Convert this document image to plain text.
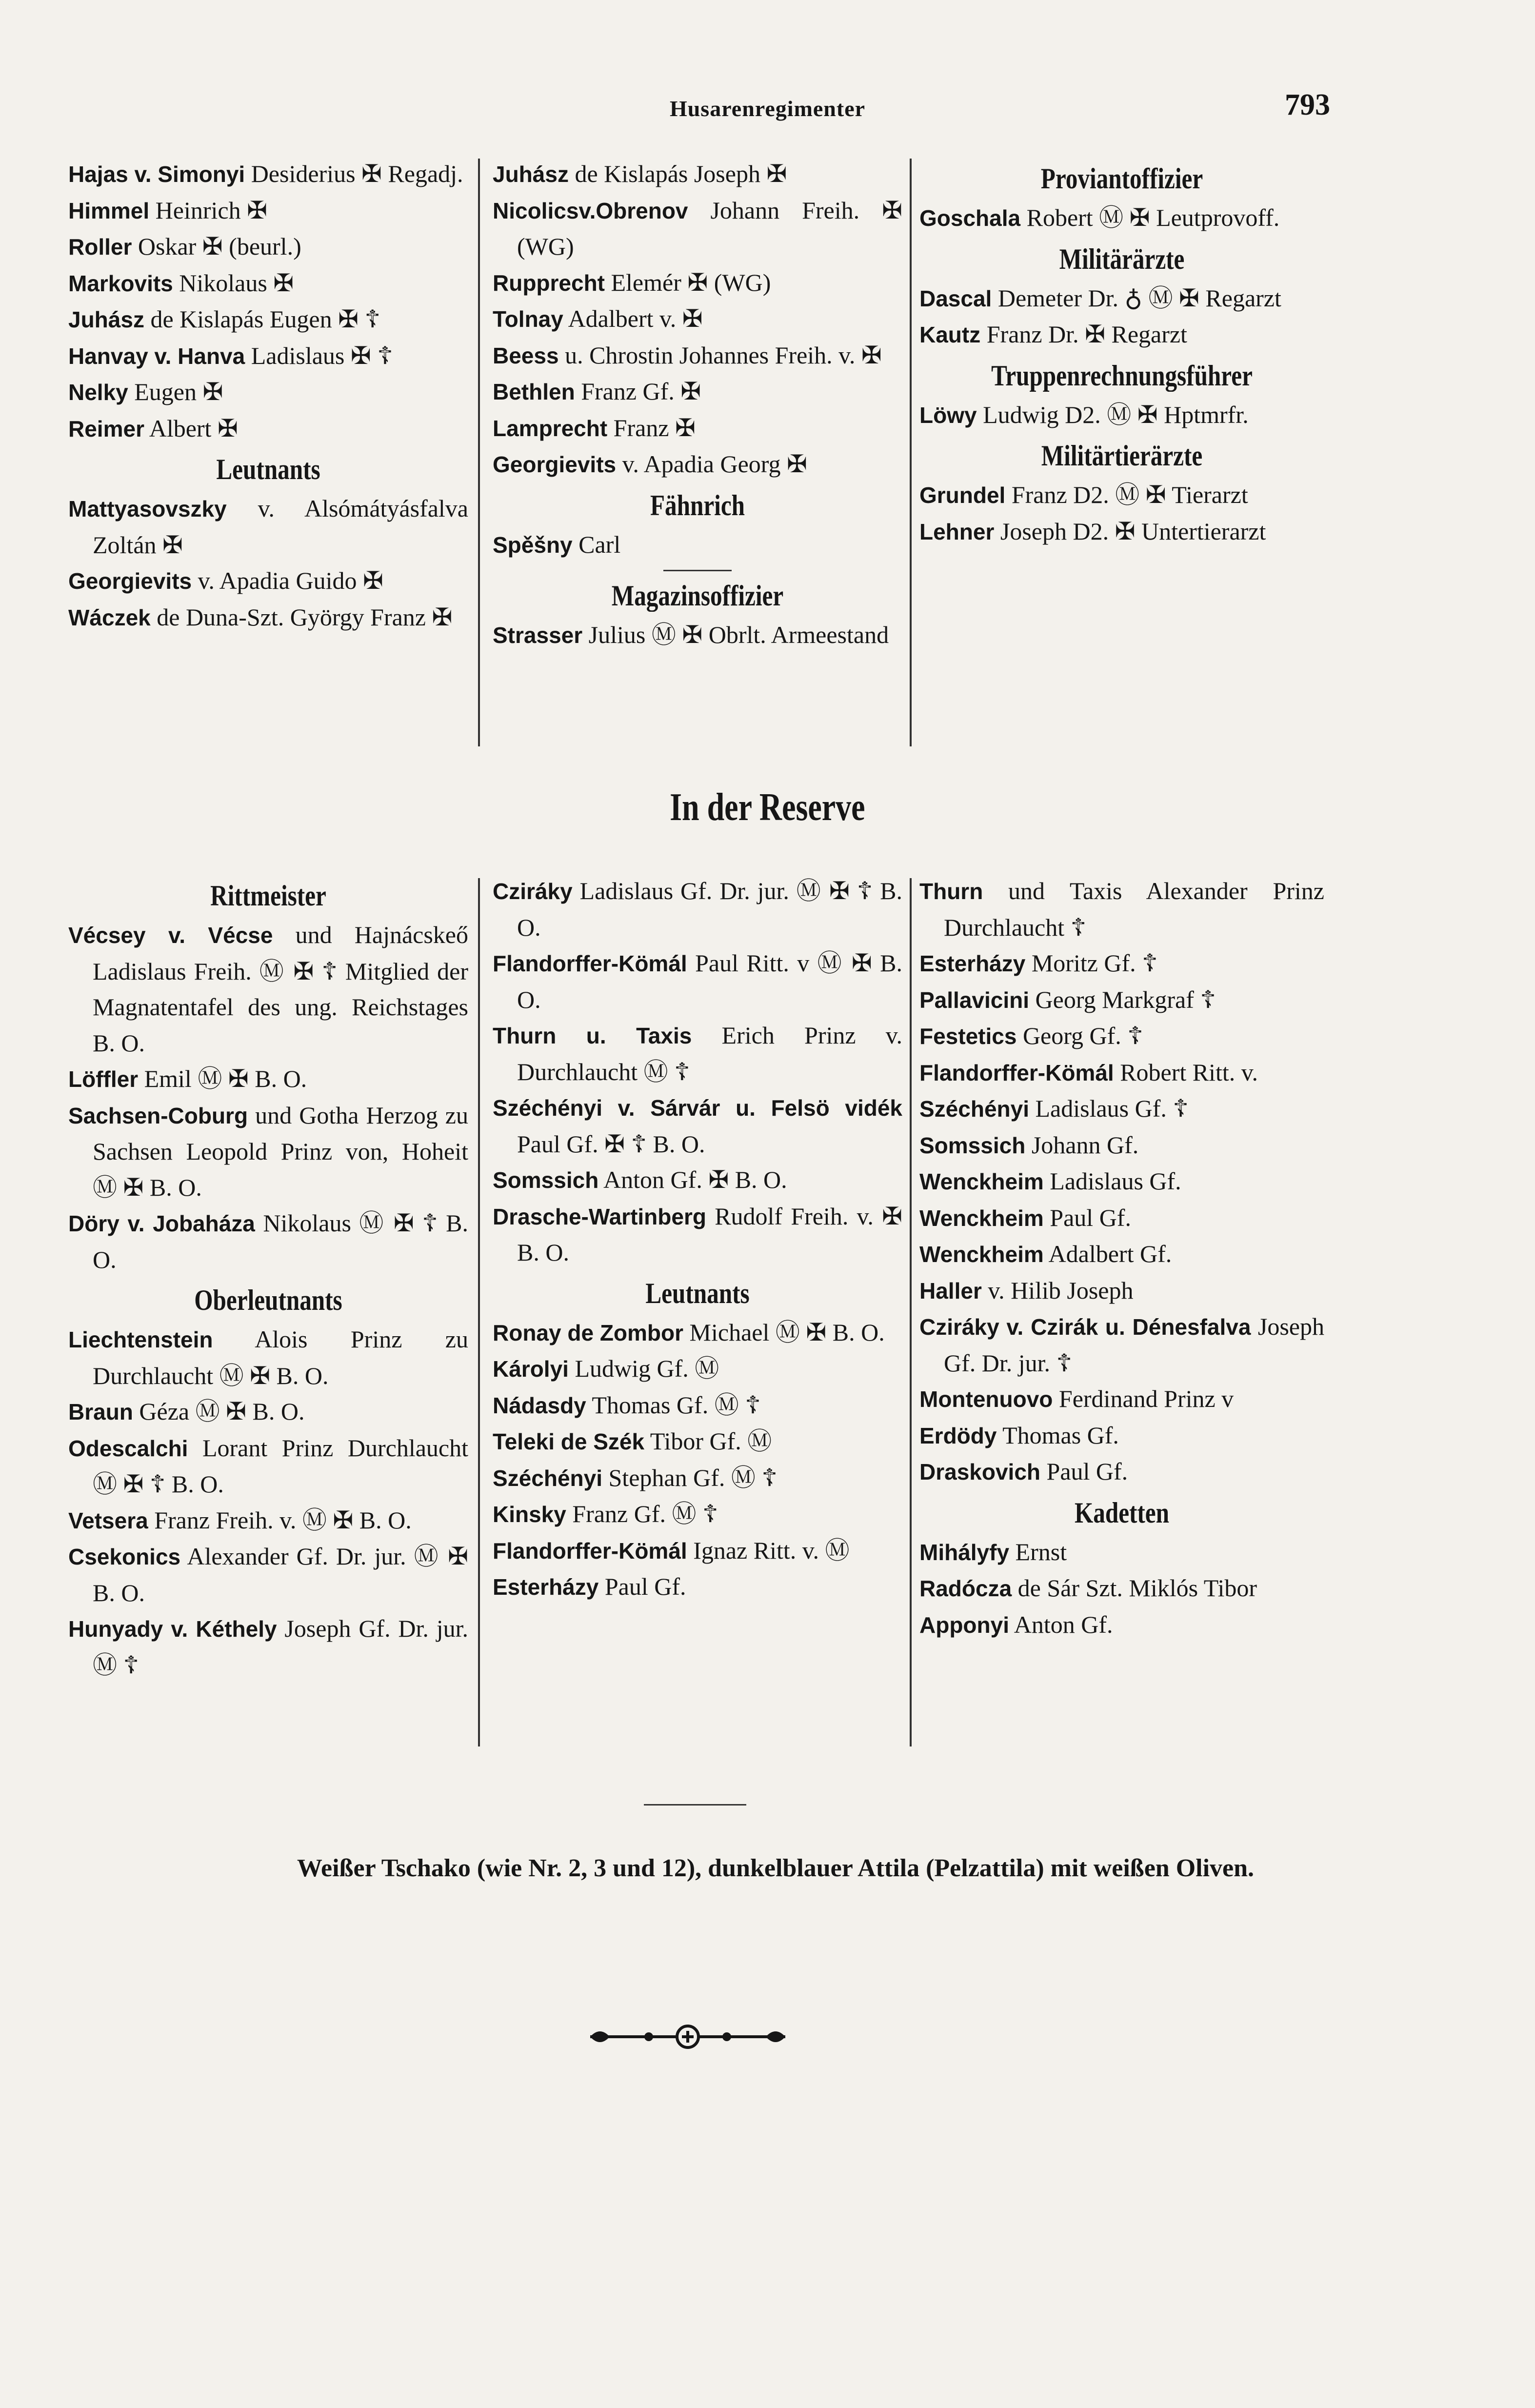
Husarenregimenter	793

Hajas v. Simonyi Desiderius ✠ Regadj.

Himmel Heinrich ✠

Roller Oskar ✠ (beurl.)

Markovits Nikolaus ✠

Juhász de Kislapás Eugen ✠ ☦

Hanvay v. Hanva Ladislaus ✠ ☦

Nelky Eugen ✠

Reimer Albert ✠

Leutnants

Mattyasovszky v. Alsómátyásfalva Zoltán ✠

Georgievits v. Apadia Guido ✠

Wáczek de Duna-Szt. György Franz ✠

Juhász de Kislapás Joseph ✠

Nicolicsv.Obrenov Johann Freih. ✠ (WG)

Rupprecht Elemér ✠ (WG)

Tolnay Adalbert v. ✠

Beess u. Chrostin Johannes Freih. v. ✠

Bethlen Franz Gf. ✠

Lamprecht Franz ✠

Georgievits v. Apadia Georg ✠

Fähnrich

Spěšny Carl

Magazinsoffizier

Strasser Julius Ⓜ ✠ Obrlt. Armeestand

Proviantoffizier

Goschala Robert Ⓜ ✠ Leutprovoff.

Militärärzte

Dascal Demeter Dr. ♁ Ⓜ ✠ Regarzt

Kautz Franz Dr. ✠ Regarzt

Truppenrechnungsführer

Löwy Ludwig D2. Ⓜ ✠ Hptmrfr.

Militärtierärzte

Grundel Franz D2. Ⓜ ✠ Tierarzt

Lehner Joseph D2. ✠ Untertierarzt

In der Reserve

Rittmeister

Vécsey v. Vécse und Hajnácskeő Ladislaus Freih. Ⓜ ✠ ☦ Mitglied der Magnatentafel des ung. Reichstages B. O.

Löffler Emil Ⓜ ✠ B. O.

Sachsen-Coburg und Gotha Herzog zu Sachsen Leopold Prinz von, Hoheit Ⓜ ✠ B. O.

Döry v. Jobaháza Nikolaus Ⓜ ✠ ☦ B. O.

Oberleutnants

Liechtenstein Alois Prinz zu Durchlaucht Ⓜ ✠ B. O.

Braun Géza Ⓜ ✠ B. O.

Odescalchi Lorant Prinz Durchlaucht Ⓜ ✠ ☦ B. O.

Vetsera Franz Freih. v. Ⓜ ✠ B. O.

Csekonics Alexander Gf. Dr. jur. Ⓜ ✠ B. O.

Hunyady v. Kéthely Joseph Gf. Dr. jur. Ⓜ ☦

Cziráky Ladislaus Gf. Dr. jur. Ⓜ ✠ ☦ B. O.

Flandorffer-Kömál Paul Ritt. v Ⓜ ✠ B. O.

Thurn u. Taxis Erich Prinz v. Durchlaucht Ⓜ ☦

Széchényi v. Sárvár u. Felsö vidék Paul Gf. ✠ ☦ B. O.

Somssich Anton Gf. ✠ B. O.

Drasche-Wartinberg Rudolf Freih. v. ✠ B. O.

Leutnants

Ronay de Zombor Michael Ⓜ ✠ B. O.

Károlyi Ludwig Gf. Ⓜ

Nádasdy Thomas Gf. Ⓜ ☦

Teleki de Szék Tibor Gf. Ⓜ

Széchényi Stephan Gf. Ⓜ ☦

Kinsky Franz Gf. Ⓜ ☦

Flandorffer-Kömál Ignaz Ritt. v. Ⓜ

Esterházy Paul Gf.

Thurn und Taxis Alexander Prinz Durchlaucht ☦

Esterházy Moritz Gf. ☦

Pallavicini Georg Markgraf ☦

Festetics Georg Gf. ☦

Flandorffer-Kömál Robert Ritt. v.

Széchényi Ladislaus Gf. ☦

Somssich Johann Gf.

Wenckheim Ladislaus Gf.

Wenckheim Paul Gf.

Wenckheim Adalbert Gf.

Haller v. Hilib Joseph

Cziráky v. Czirák u. Dénesfalva Joseph Gf. Dr. jur. ☦

Montenuovo Ferdinand Prinz v

Erdödy Thomas Gf.

Draskovich Paul Gf.

Kadetten

Mihályfy Ernst

Radócza de Sár Szt. Miklós Tibor

Apponyi Anton Gf.

Weißer Tschako (wie Nr. 2, 3 und 12), dunkelblauer Attila (Pelzattila) mit weißen Oliven.
